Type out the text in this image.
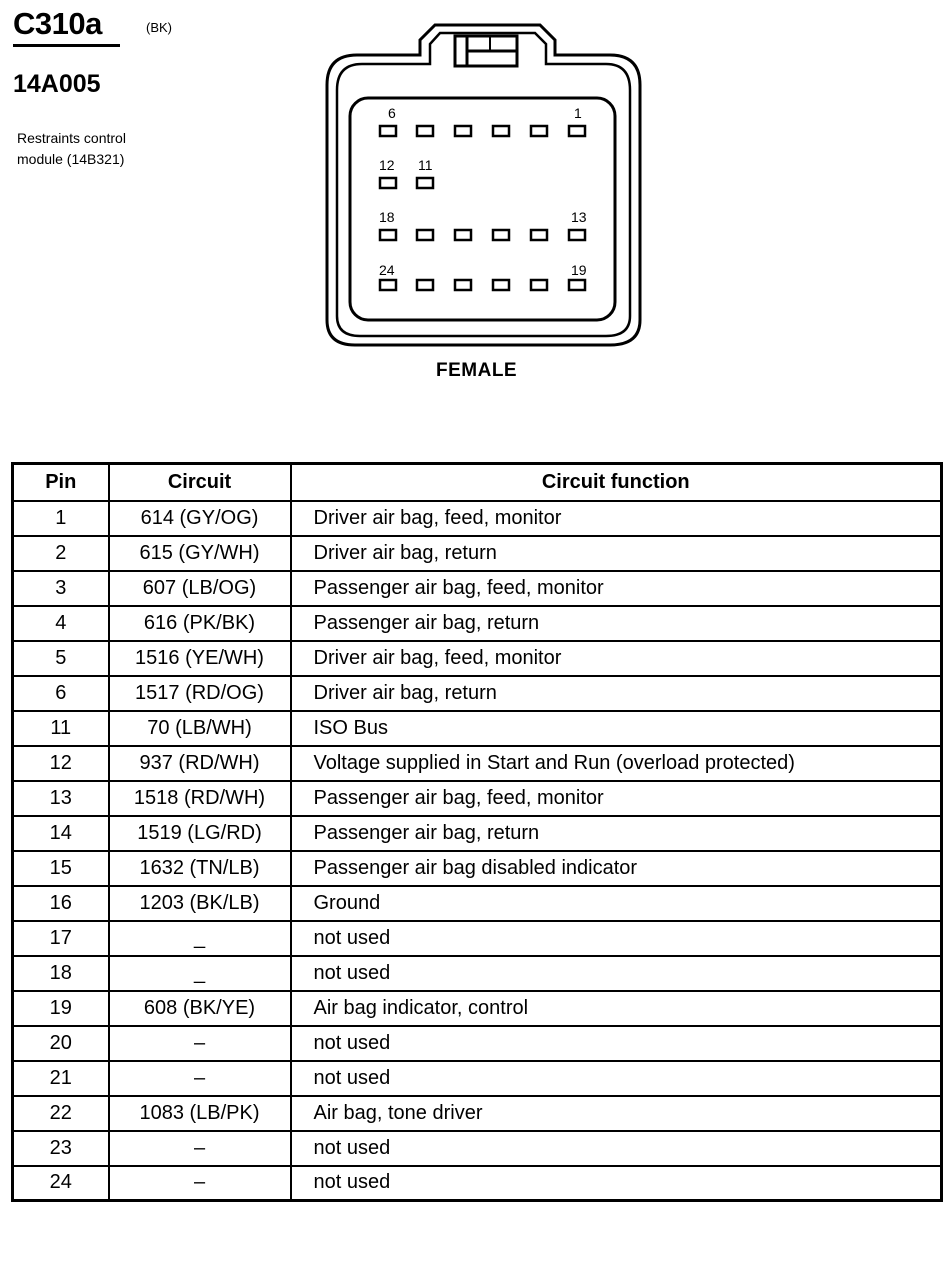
C310a	(BK)
14A005
Restraints control
module (14B321)
6	1
12 11
18	13
24	19
FEMALE
Pin	Circuit	Circuit function
1	614 (GY/OG)	Driver air bag, feed, monitor
2	615 (GY/WH)	Driver air bag, return
3	607 (LB/OG)	Passenger air bag, feed, monitor
4	616 (PK/BK)	Passenger air bag, return
5	1516 (YE/WH)	Driver air bag, feed, monitor
6	1517 (RD/OG)	Driver air bag, return
11	70 (LB/WH)	ISO Bus
12	937 (RD/WH)	Voltage supplied in Start and Run (overload protected)
13	1518 (RD/WH)	Passenger air bag, feed, monitor
14	1519 (LG/RD)	Passenger air bag, return
15	1632 (TN/LB)	Passenger air bag disabled indicator
16	1203 (BK/LB)	Ground
17	_	not used
18	_	not used
19	608 (BK/YE)	Air bag indicator, control
20	–	not used
21	–	not used
22	1083 (LB/PK)	Air bag, tone driver
23	–	not used
24	–	not used
